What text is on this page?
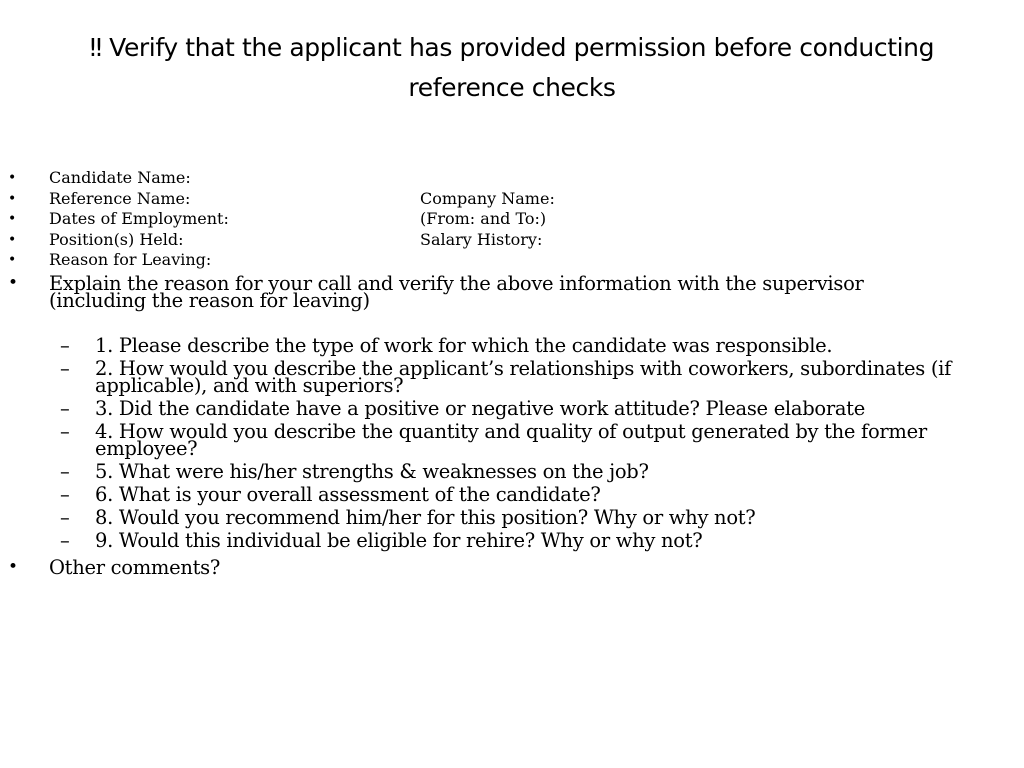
‼ Verify that the applicant has provided permission before conducting reference checks
• Candidate Name:
• Reference Name:	Company Name:
• Dates of Employment:	(From: and To:)
• Position(s) Held:	Salary History:
• Reason for Leaving:
• Explain the reason for your call and verify the above information with the supervisor (including the reason for leaving)
– 1. Please describe the type of work for which the candidate was responsible.
– 2. How would you describe the applicant’s relationships with coworkers, subordinates (if applicable), and with superiors?
– 3. Did the candidate have a positive or negative work attitude? Please elaborate
– 4. How would you describe the quantity and quality of output generated by the former employee?
– 5. What were his/her strengths & weaknesses on the job?
– 6. What is your overall assessment of the candidate?
– 8. Would you recommend him/her for this position? Why or why not?
– 9. Would this individual be eligible for rehire? Why or why not?
• Other comments?
